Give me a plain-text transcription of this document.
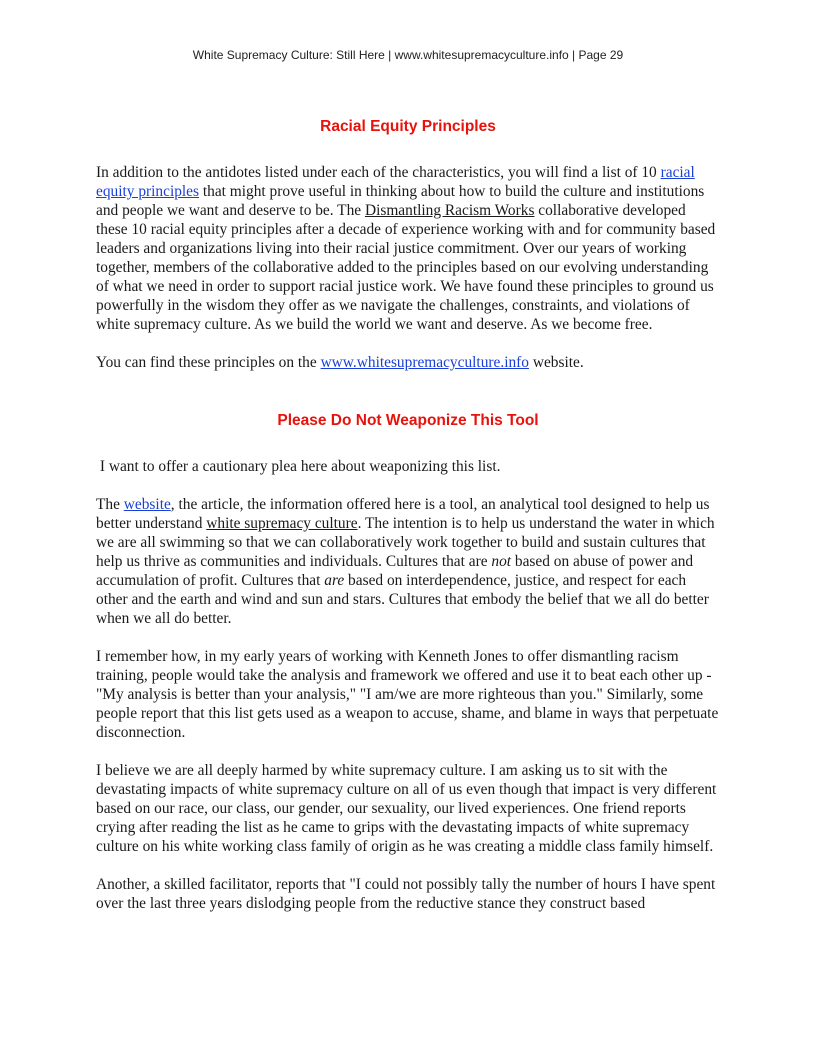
White Supremacy Culture: Still Here | www.whitesupremacyculture.info | Page 29
Racial Equity Principles

In addition to the antidotes listed under each of the characteristics, you will find a list of 10 racial equity principles that might prove useful in thinking about how to build the culture and institutions and people we want and deserve to be. The Dismantling Racism Works collaborative developed these 10 racial equity principles after a decade of experience working with and for community based leaders and organizations living into their racial justice commitment. Over our years of working together, members of the collaborative added to the principles based on our evolving understanding of what we need in order to support racial justice work. We have found these principles to ground us powerfully in the wisdom they offer as we navigate the challenges, constraints, and violations of white supremacy culture. As we build the world we want and deserve. As we become free.

You can find these principles on the www.whitesupremacyculture.info website.

Please Do Not Weaponize This Tool

I want to offer a cautionary plea here about weaponizing this list.

The website, the article, the information offered here is a tool, an analytical tool designed to help us better understand white supremacy culture. The intention is to help us understand the water in which we are all swimming so that we can collaboratively work together to build and sustain cultures that help us thrive as communities and individuals. Cultures that are not based on abuse of power and accumulation of profit. Cultures that are based on interdependence, justice, and respect for each other and the earth and wind and sun and stars. Cultures that embody the belief that we all do better when we all do better.

I remember how, in my early years of working with Kenneth Jones to offer dismantling racism training, people would take the analysis and framework we offered and use it to beat each other up - "My analysis is better than your analysis," "I am/we are more righteous than you." Similarly, some people report that this list gets used as a weapon to accuse, shame, and blame in ways that perpetuate disconnection.

I believe we are all deeply harmed by white supremacy culture. I am asking us to sit with the devastating impacts of white supremacy culture on all of us even though that impact is very different based on our race, our class, our gender, our sexuality, our lived experiences. One friend reports crying after reading the list as he came to grips with the devastating impacts of white supremacy culture on his white working class family of origin as he was creating a middle class family himself.

Another, a skilled facilitator, reports that "I could not possibly tally the number of hours I have spent over the last three years dislodging people from the reductive stance they construct based
